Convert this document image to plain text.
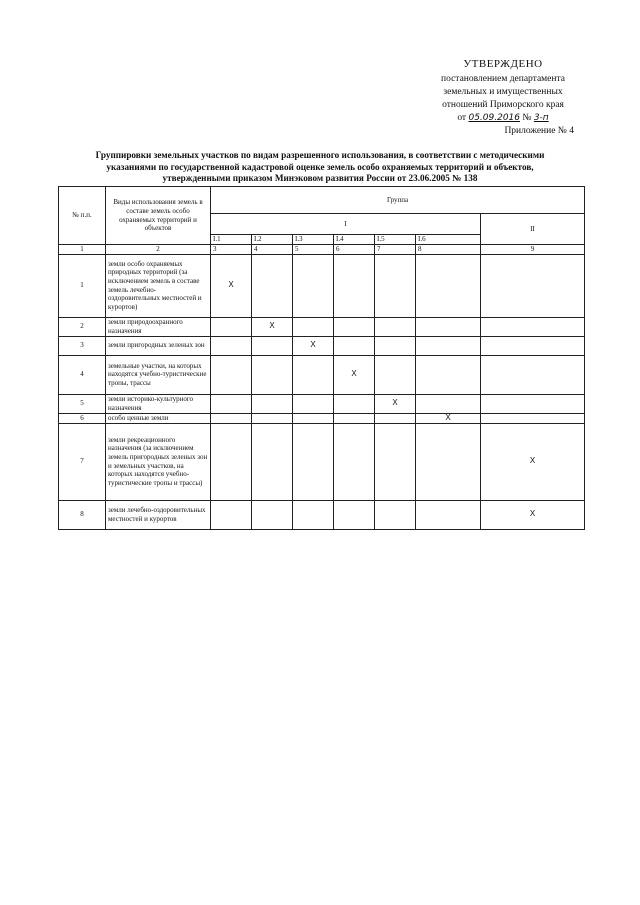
УТВЕРЖДЕНО
постановлением департамента
земельных и имущественных
отношений Приморского края
от 05.09.2016 № 3-п
Приложение № 4
Группировки земельных участков по видам разрешенного использования, в соответствии с методическими
указаниями по государственной кадастровой оценке земель особо охраняемых территорий и объектов,
утвержденными приказом Минэковом развития России от 23.06.2005 № 138
№ п.п.	Виды использования земель в составе земель особо охраняемых территорий и объектов	Группа						
		I						II
		I.1	I.2	I.3	I.4	I.5	I.6	
1	2	3	4	5	6	7	8	9
1	земли особо охраняемых природных территорий (за исключением земель в составе земель лечебно-оздоровительных местностей и курортов)	X						
2	земли природоохранного назначения		X					
3	земли пригородных зеленых зон			X				
4	земельные участки, на которых находятся учебно-туристические тропы, трассы				X			
5	земли историко-культурного назначения					X		
6	особо ценные земли						X	
7	земли рекреационного назначения (за исключением земель пригородных зеленых зон и земельных участков, на которых находятся учебно-туристические тропы и трассы)							X
8	земли лечебно-оздоровительных местностей и курортов							X
